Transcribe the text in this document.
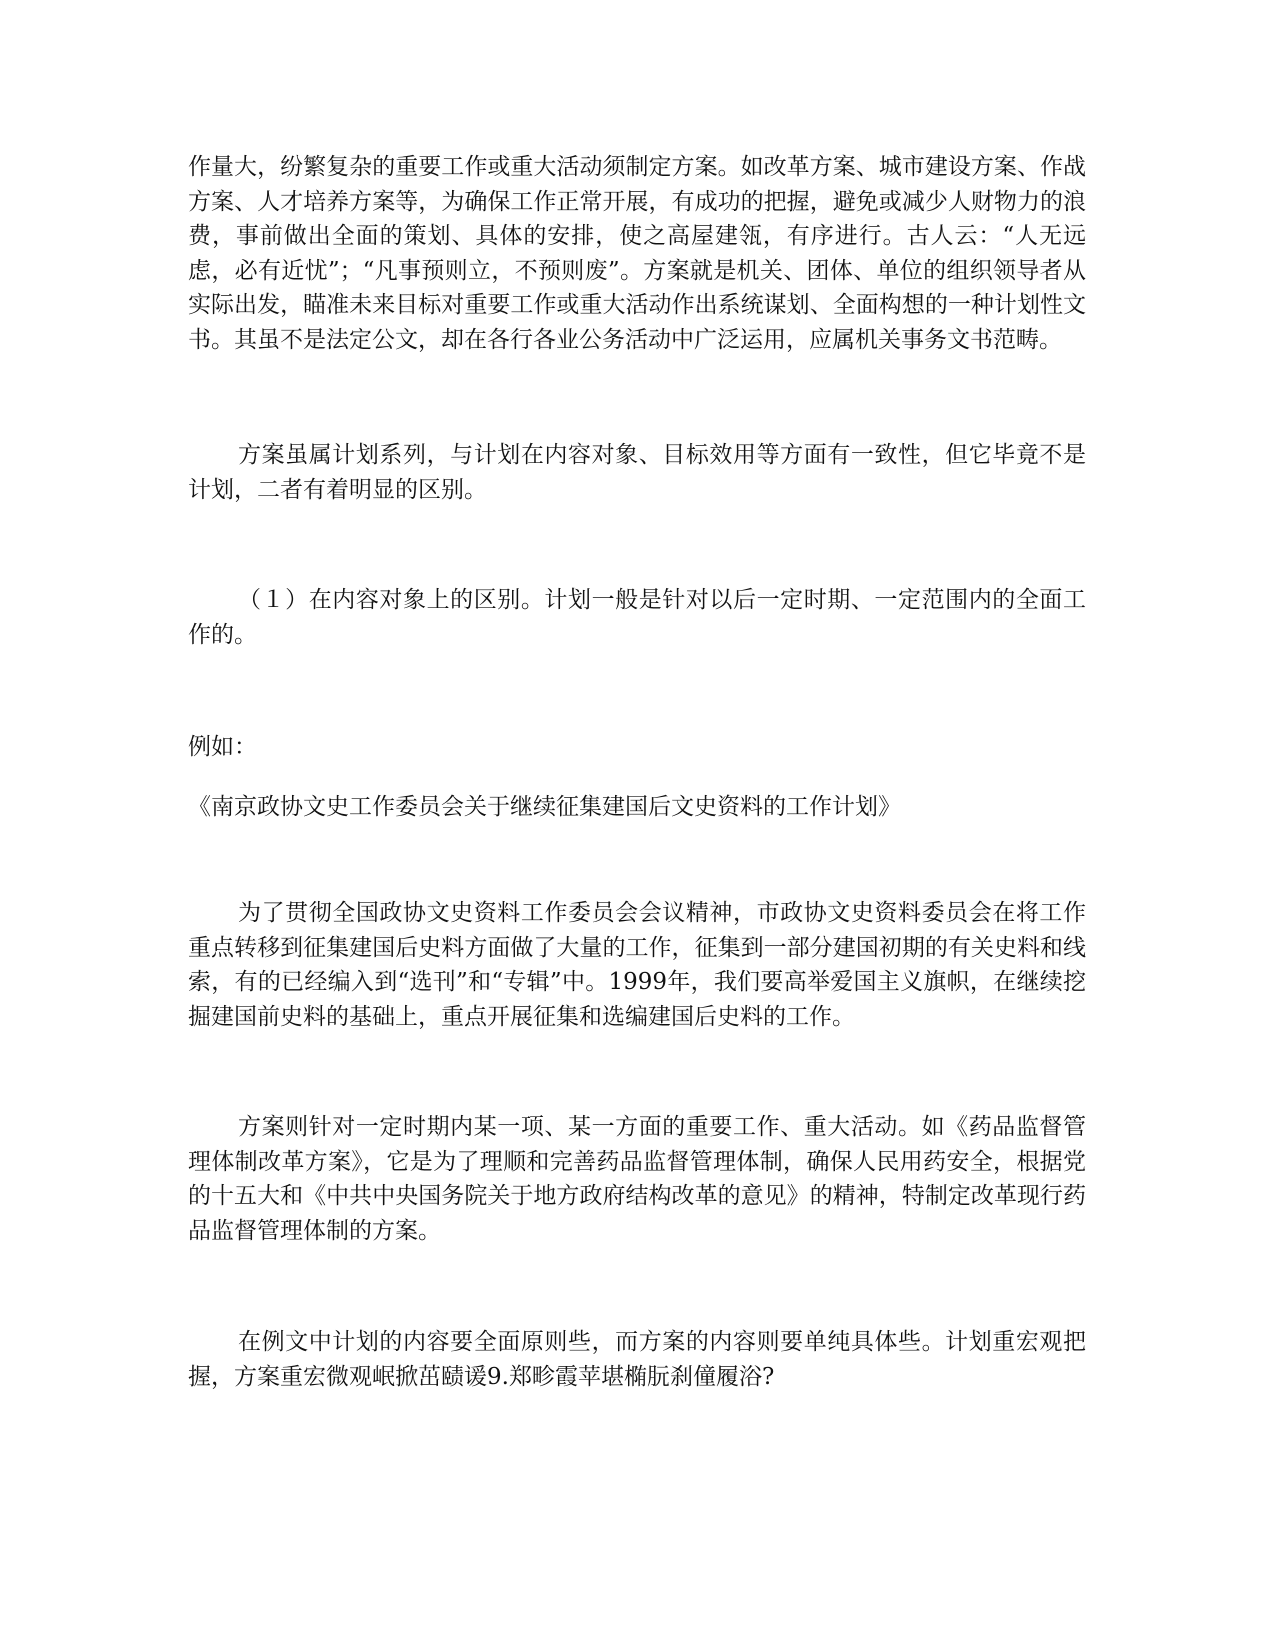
作量大，纷繁复杂的重要工作或重大活动须制定方案。如改革方案、城市建设方案、作战方案、人才培养方案等，为确保工作正常开展，有成功的把握，避免或减少人财物力的浪费，事前做出全面的策划、具体的安排，使之高屋建瓴，有序进行。古人云：“人无远虑，必有近忧”；“凡事预则立，不预则废”。方案就是机关、团体、单位的组织领导者从实际出发，瞄准未来目标对重要工作或重大活动作出系统谋划、全面构想的一种计划性文书。其虽不是法定公文，却在各行各业公务活动中广泛运用，应属机关事务文书范畴。

方案虽属计划系列，与计划在内容对象、目标效用等方面有一致性，但它毕竟不是计划，二者有着明显的区别。

（１）在内容对象上的区别。计划一般是针对以后一定时期、一定范围内的全面工作的。

例如：

《南京政协文史工作委员会关于继续征集建国后文史资料的工作计划》

为了贯彻全国政协文史资料工作委员会会议精神，市政协文史资料委员会在将工作重点转移到征集建国后史料方面做了大量的工作，征集到一部分建国初期的有关史料和线索，有的已经编入到“选刊”和“专辑”中。1999年，我们要高举爱国主义旗帜，在继续挖掘建国前史料的基础上，重点开展征集和选编建国后史料的工作。

方案则针对一定时期内某一项、某一方面的重要工作、重大活动。如《药品监督管理体制改革方案》，它是为了理顺和完善药品监督管理体制，确保人民用药安全，根据党的十五大和《中共中央国务院关于地方政府结构改革的意见》的精神，特制定改革现行药品监督管理体制的方案。

在例文中计划的内容要全面原则些，而方案的内容则要单纯具体些。计划重宏观把握，方案重宏微观岷掀茁赜谖9.郑畛霞苹堪椭朊刹僮履浴?
